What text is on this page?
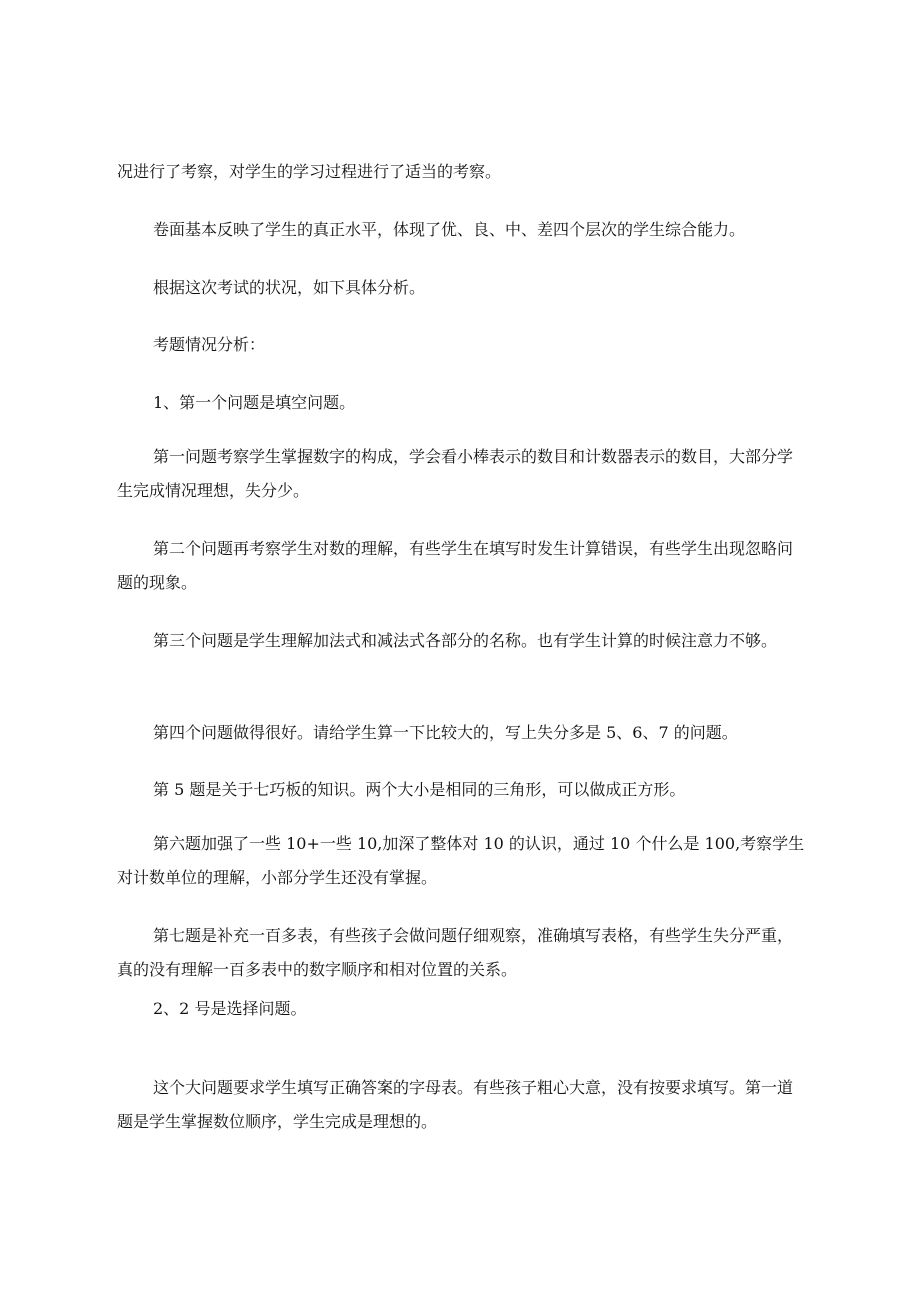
况进行了考察，对学生的学习过程进行了适当的考察。

卷面基本反映了学生的真正水平，体现了优、良、中、差四个层次的学生综合能力。

根据这次考试的状况，如下具体分析。

考题情况分析：

1、第一个问题是填空问题。

第一问题考察学生掌握数字的构成，学会看小棒表示的数目和计数器表示的数目，大部分学生完成情况理想，失分少。

第二个问题再考察学生对数的理解，有些学生在填写时发生计算错误，有些学生出现忽略问题的现象。

第三个问题是学生理解加法式和减法式各部分的名称。也有学生计算的时候注意力不够。

第四个问题做得很好。请给学生算一下比较大的，写上失分多是 5、6、7 的问题。

第 5 题是关于七巧板的知识。两个大小是相同的三角形，可以做成正方形。

第六题加强了一些 10+一些 10,加深了整体对 10 的认识，通过 10 个什么是 100,考察学生对计数单位的理解，小部分学生还没有掌握。

第七题是补充一百多表，有些孩子会做问题仔细观察，准确填写表格，有些学生失分严重，真的没有理解一百多表中的数字顺序和相对位置的关系。

2、2 号是选择问题。

这个大问题要求学生填写正确答案的字母表。有些孩子粗心大意，没有按要求填写。第一道题是学生掌握数位顺序，学生完成是理想的。
